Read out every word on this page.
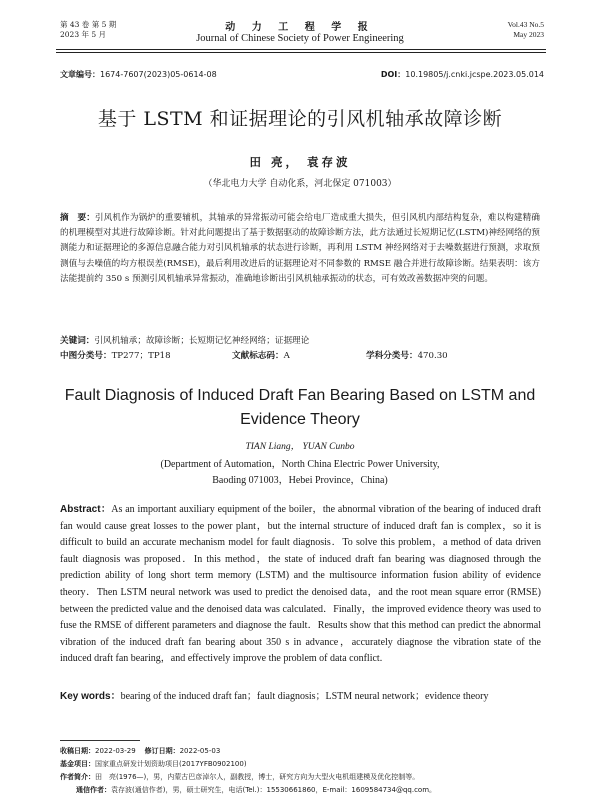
第 43 卷 第 5 期
2023 年 5 月
动 力 工 程 学 报
Journal of Chinese Society of Power Engineering
Vol.43 No.5
May 2023
文章编号：1674-7607(2023)05-0614-08	DOI：10.19805/j.cnki.jcspe.2023.05.014
基于 LSTM 和证据理论的引风机轴承故障诊断
田 亮， 袁存波
（华北电力大学 自动化系，河北保定 071003）
摘　要：引风机作为锅炉的重要辅机，其轴承的异常振动可能会给电厂造成重大损失，但引风机内部结构复杂，难以构建精确的机理模型对其进行故障诊断。针对此问题提出了基于数据驱动的故障诊断方法，此方法通过长短期记忆(LSTM)神经网络的预测能力和证据理论的多源信息融合能力对引风机轴承的状态进行诊断，再利用 LSTM 神经网络对于去噪数据进行预测，求取预测值与去噪值的均方根误差(RMSE)，最后利用改进后的证据理论对不同参数的 RMSE 融合并进行故障诊断。结果表明：该方法能提前约 350 s 预测引风机轴承异常振动，准确地诊断出引风机轴承振动的状态，可有效改善数据冲突的问题。
关键词：引风机轴承；故障诊断；长短期记忆神经网络；证据理论
中图分类号：TP277；TP18	文献标志码：A	学科分类号：470.30
Fault Diagnosis of Induced Draft Fan Bearing Based on LSTM and Evidence Theory
TIAN Liang， YUAN Cunbo
(Department of Automation，North China Electric Power University,
Baoding 071003，Hebei Province，China)
Abstract：As an important auxiliary equipment of the boiler，the abnormal vibration of the bearing of induced draft fan would cause great losses to the power plant，but the internal structure of induced draft fan is complex，so it is difficult to build an accurate mechanism model for fault diagnosis．To solve this problem，a method of data driven fault diagnosis was proposed．In this method，the state of induced draft fan bearing was diagnosed through the prediction ability of long short term memory (LSTM) and the multisource information fusion ability of evidence theory．Then LSTM neural network was used to predict the denoised data，and the root mean square error (RMSE) between the predicted value and the denoised data was calculated．Finally，the improved evidence theory was used to fuse the RMSE of different parameters and diagnose the fault．Results show that this method can predict the abnormal vibration of the induced draft fan bearing about 350 s in advance，accurately diagnose the vibration state of the induced draft fan bearing，and effectively improve the problem of data conflict.
Key words：bearing of the induced draft fan；fault diagnosis；LSTM neural network；evidence theory
收稿日期：2022-03-29 修订日期：2022-05-03
基金项目：国家重点研发计划资助项目(2017YFB0902100)
作者简介：田　亮(1976—)，男，内蒙古巴彦淖尔人，副教授，博士，研究方向为大型火电机组建模及优化控制等。
通信作者：袁存波(通信作者)，男，硕士研究生，电话(Tel.)：15530661860，E-mail：1609584734@qq.com。
